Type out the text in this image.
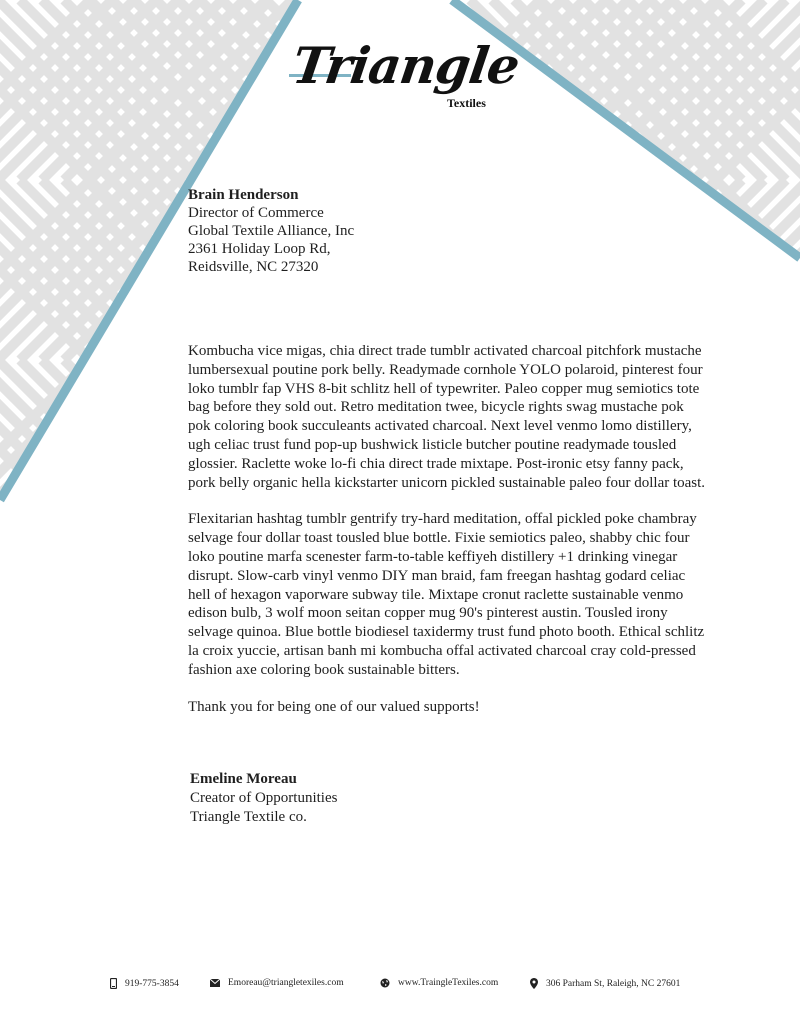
Triangle
Textiles
Brain Henderson
Director of Commerce
Global Textile Alliance, Inc
2361 Holiday Loop Rd,
Reidsville, NC 27320

Kombucha vice migas, chia direct trade tumblr activated charcoal pitchfork mustache lumbersexual poutine pork belly. Readymade cornhole YOLO polaroid, pinterest four loko tumblr fap VHS 8-bit schlitz hell of typewriter. Paleo copper mug semiotics tote bag before they sold out. Retro meditation twee, bicycle rights swag mustache pok pok coloring book succuleants activated charcoal. Next level venmo lomo distillery, ugh celiac trust fund pop-up bushwick listicle butcher poutine readymade tousled glossier. Raclette woke lo-fi chia direct trade mixtape. Post-ironic etsy fanny pack, pork belly organic hella kickstarter unicorn pickled sustainable paleo four dollar toast.

Flexitarian hashtag tumblr gentrify try-hard meditation, offal pickled poke chambray selvage four dollar toast tousled blue bottle. Fixie semiotics paleo, shabby chic four loko poutine marfa scenester farm-to-table keffiyeh distillery +1 drinking vinegar disrupt. Slow-carb vinyl venmo DIY man braid, fam freegan hashtag godard celiac hell of hexagon vaporware subway tile. Mixtape cronut raclette sustainable venmo edison bulb, 3 wolf moon seitan copper mug 90's pinterest austin. Tousled irony selvage quinoa. Blue bottle biodiesel taxidermy trust fund photo booth. Ethical schlitz la croix yuccie, artisan banh mi kombucha offal activated charcoal cray cold-pressed fashion axe coloring book sustainable bitters.

Thank you for being one of our valued supports!

Emeline Moreau
Creator of Opportunities
Triangle Textile co.
919-775-3854	Emoreau@triangletexiles.com	www.TraingleTexiles.com	306 Parham St, Raleigh, NC 27601
